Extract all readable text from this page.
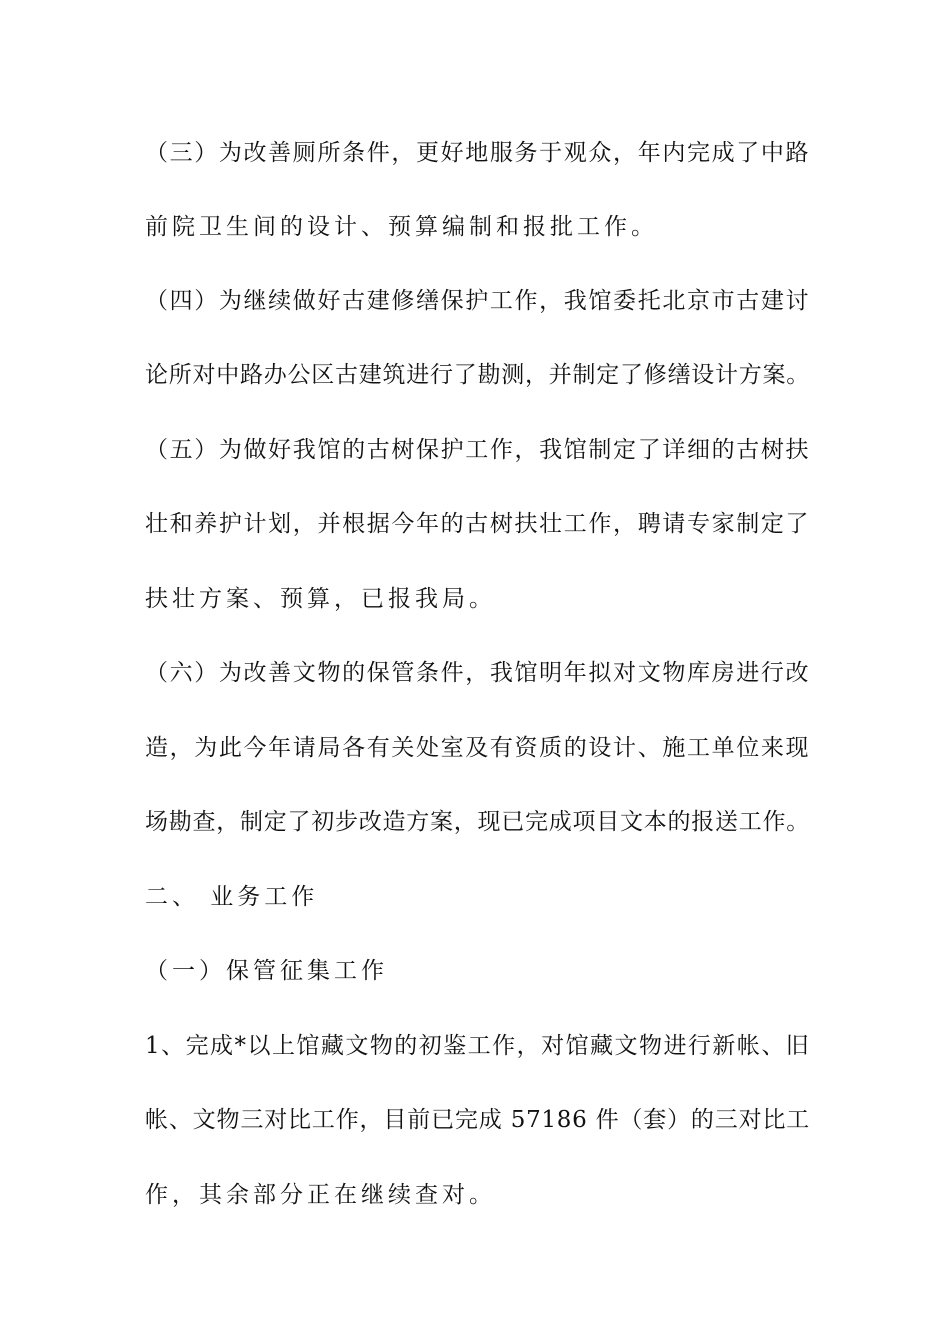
（三）为改善厕所条件，更好地服务于观众，年内完成了中路
前院卫生间的设计、预算编制和报批工作。
（四）为继续做好古建修缮保护工作，我馆委托北京市古建讨
论所对中路办公区古建筑进行了勘测，并制定了修缮设计方案。
（五）为做好我馆的古树保护工作，我馆制定了详细的古树扶
壮和养护计划，并根据今年的古树扶壮工作，聘请专家制定了
扶壮方案、预算，已报我局。
（六）为改善文物的保管条件，我馆明年拟对文物库房进行改
造，为此今年请局各有关处室及有资质的设计、施工单位来现
场勘查，制定了初步改造方案，现已完成项目文本的报送工作。
二、 业务工作
（一）保管征集工作
1、完成*以上馆藏文物的初鉴工作，对馆藏文物进行新帐、旧
帐、文物三对比工作，目前已完成 57186 件（套）的三对比工
作，其余部分正在继续查对。
